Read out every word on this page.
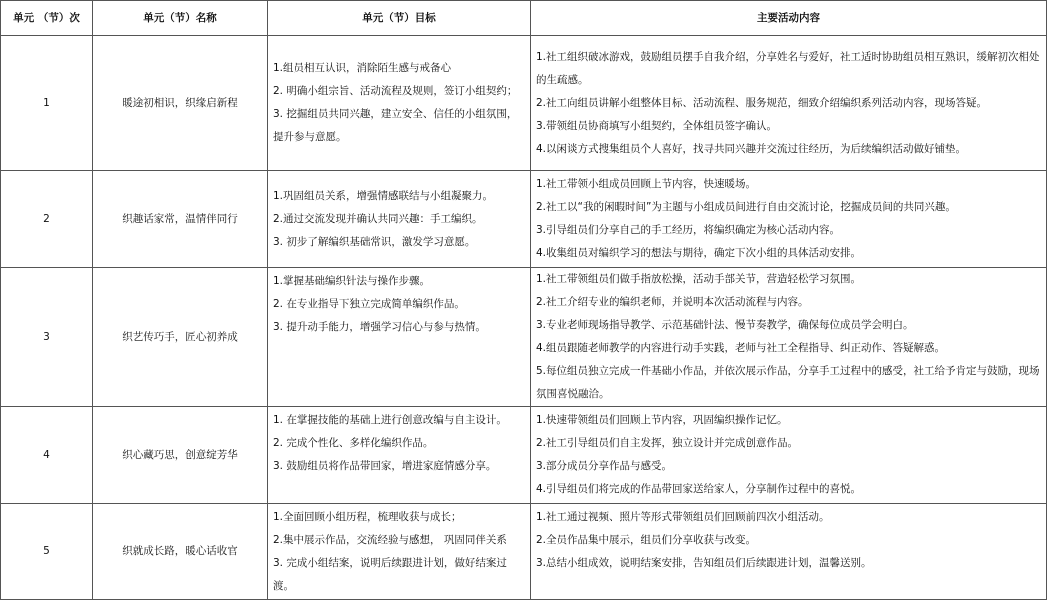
单元 （节）次	单元（节）名称	单元（节）目标	主要活动内容
1	暖途初相识，织缘启新程	1.组员相互认识，消除陌生感与戒备心
2. 明确小组宗旨、活动流程及规则，签订小组契约；
3. 挖掘组员共同兴趣，建立安全、信任的小组氛围，提升参与意愿。	1.社工组织破冰游戏，鼓励组员摆手自我介绍，分享姓名与爱好，社工适时协助组员相互熟识，缓解初次相处的生疏感。
2.社工向组员讲解小组整体目标、活动流程、服务规范，细致介绍编织系列活动内容，现场答疑。
3.带领组员协商填写小组契约，全体组员签字确认。
4.以闲谈方式搜集组员个人喜好，找寻共同兴趣并交流过往经历，为后续编织活动做好铺垫。

2	织趣话家常，温情伴同行	1.巩固组员关系，增强情感联结与小组凝聚力。
2.通过交流发现并确认共同兴趣：手工编织。
3. 初步了解编织基础常识，激发学习意愿。	1.社工带领小组成员回顾上节内容，快速暖场。
2.社工以“我的闲暇时间”为主题与小组成员间进行自由交流讨论，挖掘成员间的共同兴趣。
3.引导组员们分享自己的手工经历，将编织确定为核心活动内容。
4.收集组员对编织学习的想法与期待，确定下次小组的具体活动安排。

3	织艺传巧手，匠心初养成	1.掌握基础编织针法与操作步骤。
2. 在专业指导下独立完成简单编织作品。
3. 提升动手能力，增强学习信心与参与热情。	1.社工带领组员们做手指放松操，活动手部关节，营造轻松学习氛围。
2.社工介绍专业的编织老师，并说明本次活动流程与内容。
3.专业老师现场指导教学、示范基础针法、慢节奏教学，确保每位成员学会明白。
4.组员跟随老师教学的内容进行动手实践，老师与社工全程指导、纠正动作、答疑解惑。
5.每位组员独立完成一件基础小作品，并依次展示作品，分享手工过程中的感受，社工给予肯定与鼓励，现场氛围喜悦融洽。

4	织心藏巧思，创意绽芳华	1. 在掌握技能的基础上进行创意改编与自主设计。
2. 完成个性化、多样化编织作品。
3. 鼓励组员将作品带回家，增进家庭情感分享。	1.快速带领组员们回顾上节内容，巩固编织操作记忆。
2.社工引导组员们自主发挥，独立设计并完成创意作品。
3.部分成员分享作品与感受。
4.引导组员们将完成的作品带回家送给家人，分享制作过程中的喜悦。

5	织就成长路，暖心话收官	1.全面回顾小组历程，梳理收获与成长；
2.集中展示作品，交流经验与感想， 巩固同伴关系
3. 完成小组结案，说明后续跟进计划，做好结案过渡。	1.社工通过视频、照片等形式带领组员们回顾前四次小组活动。
2.全员作品集中展示，组员们分享收获与改变。
3.总结小组成效，说明结案安排，告知组员们后续跟进计划，温馨送别。
